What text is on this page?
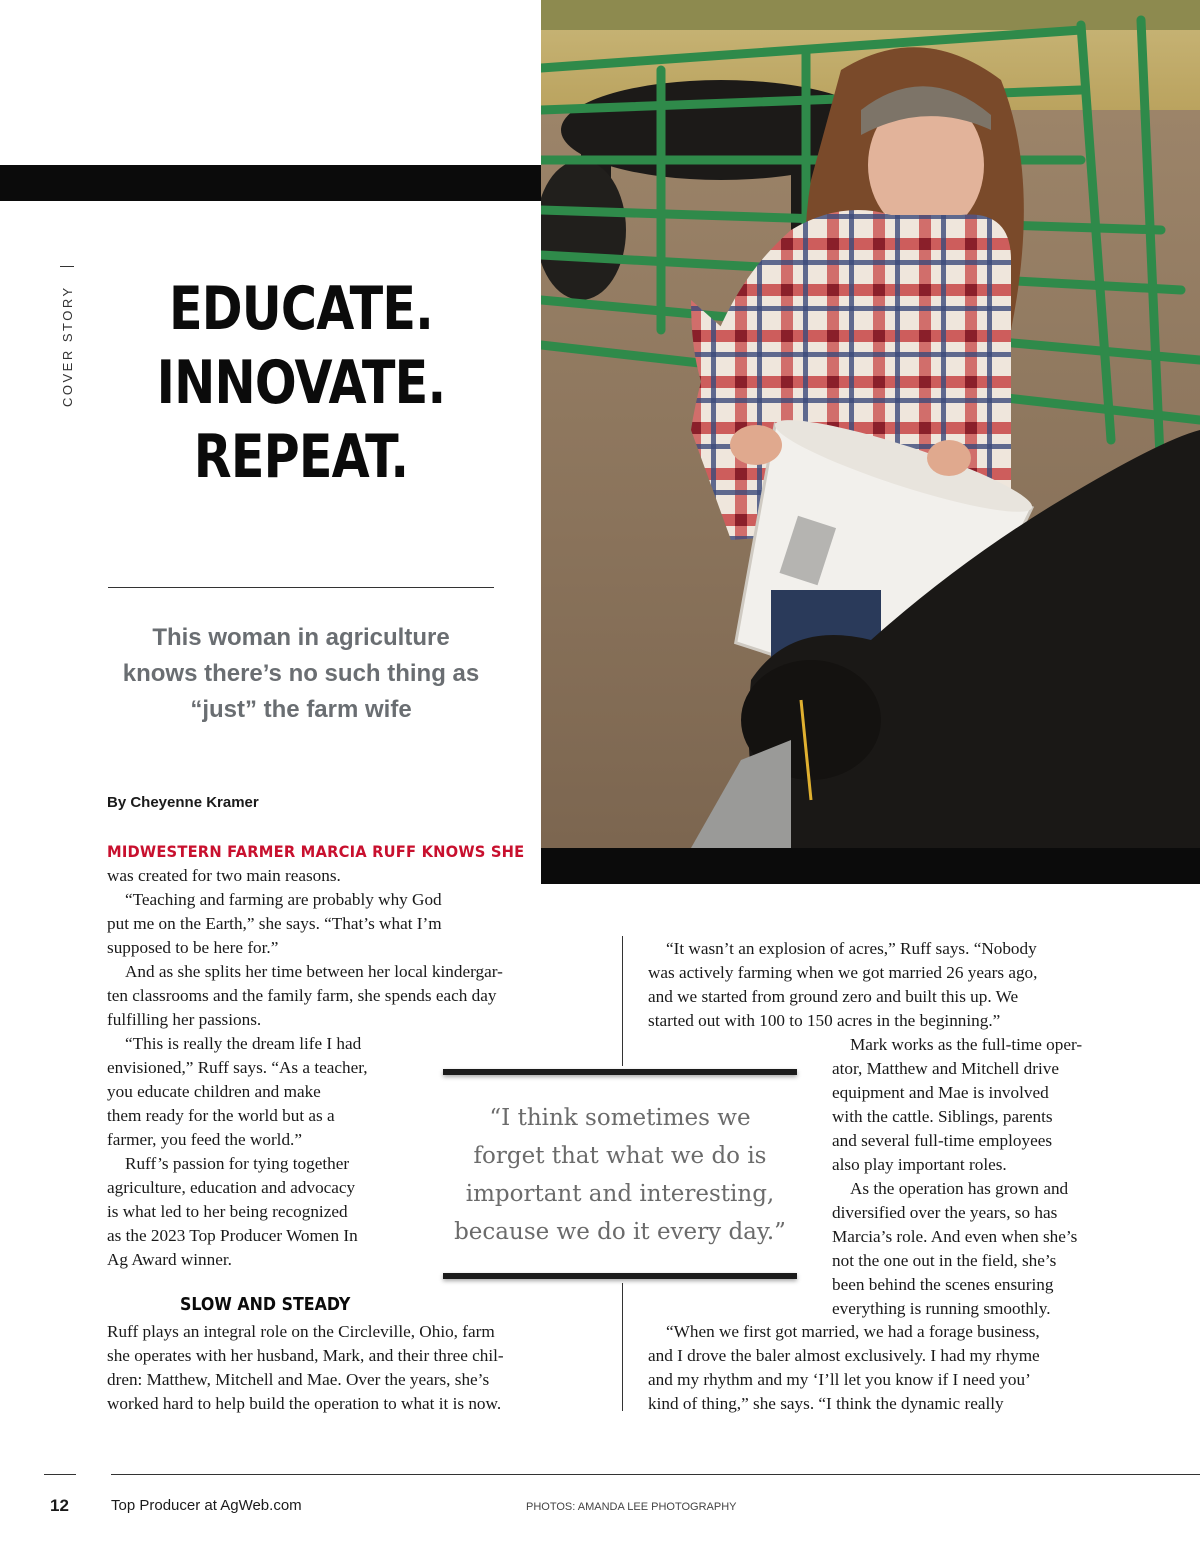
COVER STORY	EDUCATE.
INNOVATE.
REPEAT.
This woman in agriculture
knows there’s no such thing as
“just” the farm wife
By Cheyenne Kramer

MIDWESTERN FARMER MARCIA RUFF KNOWS SHE

was created for two main reasons.

“Teaching and farming are probably why God

put me on the Earth,” she says. “That’s what I’m

supposed to be here for.”

And as she splits her time between her local kindergar-

ten classrooms and the family farm, she spends each day

fulfilling her passions.

“This is really the dream life I had

envisioned,” Ruff says. “As a teacher,

you educate children and make

them ready for the world but as a

farmer, you feed the world.”

Ruff’s passion for tying together

agriculture, education and advocacy

is what led to her being recognized

as the 2023 Top Producer Women In

Ag Award winner.

SLOW AND STEADY

Ruff plays an integral role on the Circleville, Ohio, farm

she operates with her husband, Mark, and their three chil-

dren: Matthew, Mitchell and Mae. Over the years, she’s

worked hard to help build the operation to what it is now.

“It wasn’t an explosion of acres,” Ruff says. “Nobody

was actively farming when we got married 26 years ago,

and we started from ground zero and built this up. We

started out with 100 to 150 acres in the beginning.”

Mark works as the full-time oper-

ator, Matthew and Mitchell drive

equipment and Mae is involved

with the cattle. Siblings, parents

and several full-time employees

also play important roles.

As the operation has grown and

diversified over the years, so has

Marcia’s role. And even when she’s

not the one out in the field, she’s

been behind the scenes ensuring

everything is running smoothly.

“When we first got married, we had a forage business,

and I drove the baler almost exclusively. I had my rhyme

and my rhythm and my ‘I’ll let you know if I need you’

kind of thing,” she says. “I think the dynamic really

“I think sometimes we
forget that what we do is
important and interesting,
because we do it every day.”
12	Top Producer at AgWeb.com	PHOTOS: AMANDA LEE PHOTOGRAPHY
